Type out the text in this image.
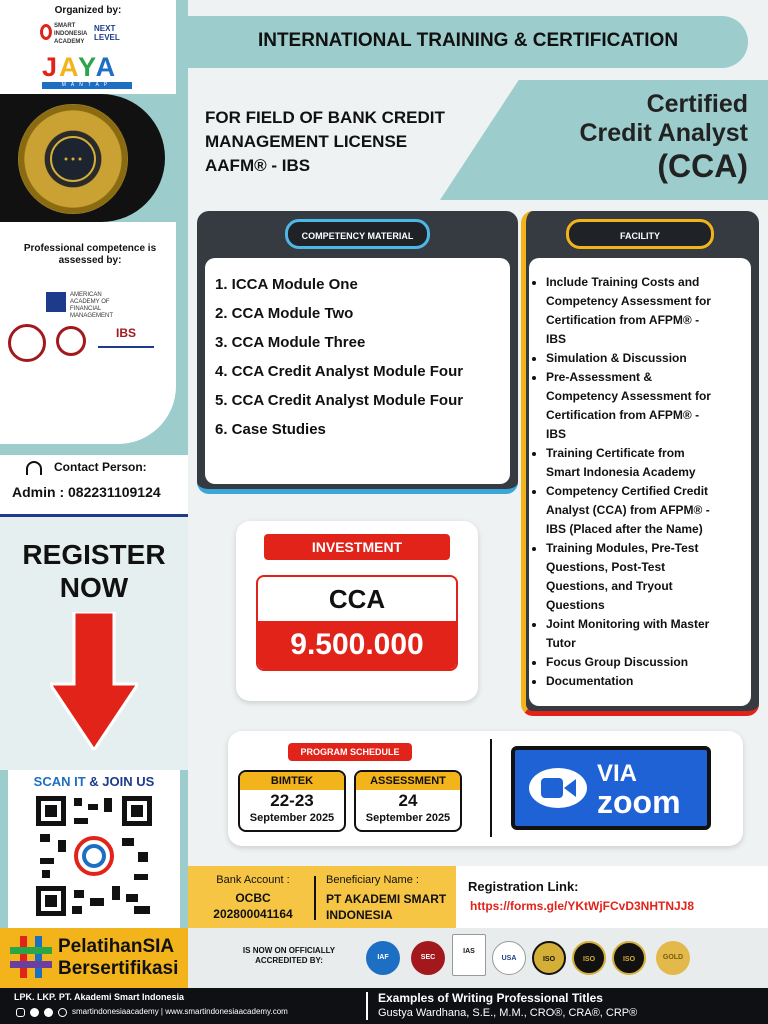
Organized by:
SMART INDONESIA ACADEMY
NEXT LEVEL
JAYA
MANTAP
Professional competence is assessed by:
AMERICAN ACADEMY OF FINANCIAL MANAGEMENT
IBS
Contact Person:
Admin : 082231109124
REGISTER
NOW
SCAN IT & JOIN US
PelatihanSIA
Bersertifikasi
INTERNATIONAL TRAINING & CERTIFICATION
FOR FIELD OF BANK CREDIT MANAGEMENT LICENSE AAFM® - IBS
Certified
Credit Analyst
(CCA)
COMPETENCY MATERIAL
1. ICCA Module One
2. CCA Module Two
3. CCA Module Three
4. CCA Credit Analyst Module Four
5. CCA Credit Analyst Module Four
6. Case Studies
FACILITY
• Include Training Costs and Competency Assessment for Certification from AFPM® - IBS
• Simulation & Discussion
• Pre-Assessment & Competency Assessment for Certification from AFPM® - IBS
• Training Certificate from Smart Indonesia Academy
• Competency Certified Credit Analyst (CCA) from AFPM® - IBS (Placed after the Name)
• Training Modules, Pre-Test Questions, Post-Test Questions, and Tryout Questions
• Joint Monitoring with Master Tutor
• Focus Group Discussion
• Documentation
INVESTMENT
CCA
9.500.000
PROGRAM SCHEDULE
BIMTEK
22-23
September 2025
ASSESSMENT
24
September 2025
VIA
zoom
Bank Account :
OCBC
202800041164
Beneficiary Name :
PT AKADEMI SMART INDONESIA
Registration Link:
https://forms.gle/YKtWjFCvD3NHTNJJ8
IS NOW ON OFFICIALLY ACCREDITED BY:	IAF	SEC
IAS
USA	ISO	ISO	ISO	GOLD
LPK. LKP. PT. Akademi Smart Indonesia
smartindonesiaacademy | www.smartindonesiaacademy.com
Examples of Writing Professional Titles
Gustya Wardhana, S.E., M.M., CRO®, CRA®, CRP®
